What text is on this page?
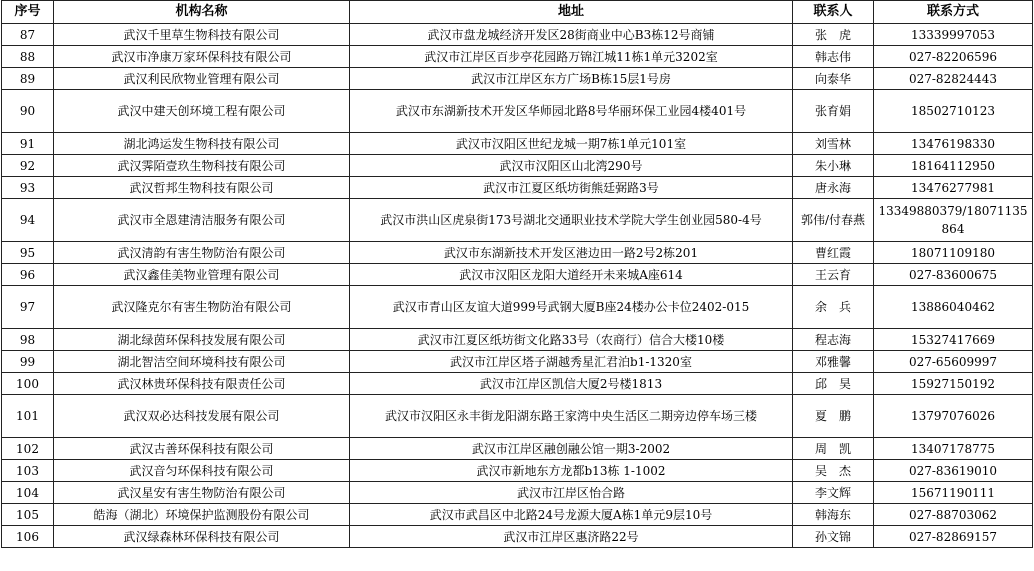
序号	机构名称	地址	联系人	联系方式
87	武汉千里草生物科技有限公司	武汉市盘龙城经济开发区28街商业中心B3栋12号商铺	张　虎	13339997053
88	武汉市净康万家环保科技有限公司	武汉市江岸区百步亭花园路万锦江城11栋1单元3202室	韩志伟	027-82206596
89	武汉利民欣物业管理有限公司	武汉市江岸区东方广场B栋15层1号房	向泰华	027-82824443
90	武汉中建天创环境工程有限公司	武汉市东湖新技术开发区华师园北路8号华丽环保工业园4楼401号	张育娟	18502710123
91	湖北鸿运发生物科技有限公司	武汉市汉阳区世纪龙城一期7栋1单元101室	刘雪林	13476198330
92	武汉霁陌壹玖生物科技有限公司	武汉市汉阳区山北湾290号	朱小琳	18164112950
93	武汉哲邦生物科技有限公司	武汉市江夏区纸坊街熊廷弼路3号	唐永海	13476277981
94	武汉市全恩建清洁服务有限公司	武汉市洪山区虎泉街173号湖北交通职业技术学院大学生创业园580-4号	郭伟/付春燕	13349880379/18071135864
95	武汉清韵有害生物防治有限公司	武汉市东湖新技术开发区港边田一路2号2栋201	曹红霞	18071109180
96	武汉鑫佳美物业管理有限公司	武汉市汉阳区龙阳大道经开未来城A座614	王云育	027-83600675
97	武汉隆克尔有害生物防治有限公司	武汉市青山区友谊大道999号武钢大厦B座24楼办公卡位2402-015	余　兵	13886040462
98	湖北绿茵环保科技发展有限公司	武汉市江夏区纸坊街文化路33号（农商行）信合大楼10楼	程志海	15327417669
99	湖北智洁空间环境科技有限公司	武汉市江岸区塔子湖越秀星汇君泊b1-1320室	邓雅馨	027-65609997
100	武汉林贵环保科技有限责任公司	武汉市江岸区凯信大厦2号楼1813	邱　昊	15927150192
101	武汉双必达科技发展有限公司	武汉市汉阳区永丰街龙阳湖东路王家湾中央生活区二期旁边停车场三楼	夏　鹏	13797076026
102	武汉古善环保科技有限公司	武汉市江岸区融创融公馆一期3-2002	周　凯	13407178775
103	武汉音匀环保科技有限公司	武汉市新地东方龙都b13栋 1-1002	吴　杰	027-83619010
104	武汉星安有害生物防治有限公司	武汉市江岸区怡合路	李文辉	15671190111
105	皓海（湖北）环境保护监测股份有限公司	武汉市武昌区中北路24号龙源大厦A栋1单元9层10号	韩海东	027-88703062
106	武汉绿森林环保科技有限公司	武汉市江岸区惠济路22号	孙文锦	027-82869157
